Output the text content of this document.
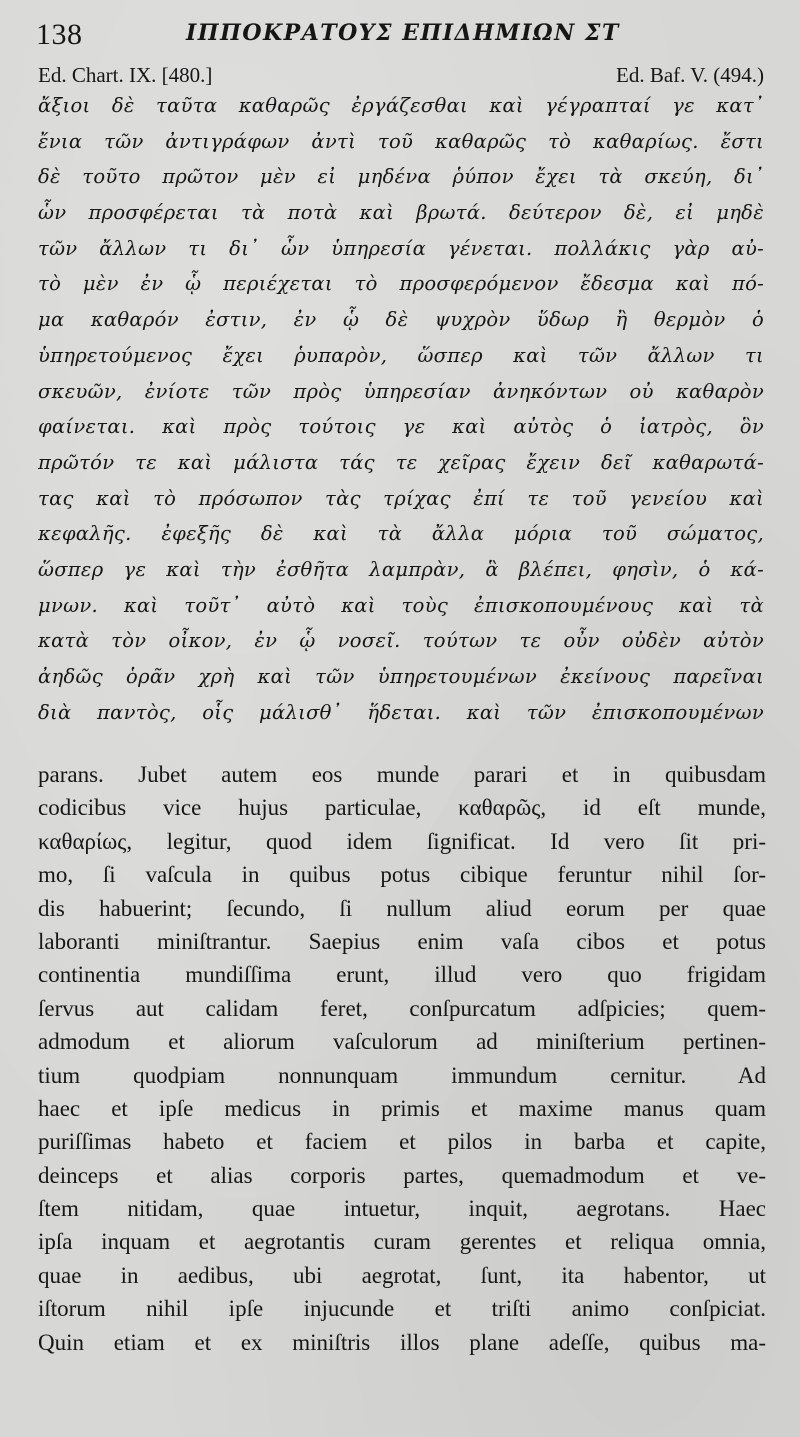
138	ΙΠΠΟΚΡΑΤΟΥΣ ΕΠΙΔΗΜΙΩΝ ΣΤ
Ed. Chart. IX. [480.]	Ed. Baf. V. (494.)
ἄξιοι δὲ ταῦτα καθαρῶς ἐργάζεσθαι καὶ γέγραπταί γε κατ᾽
ἔνια τῶν ἀντιγράφων ἀντὶ τοῦ καθαρῶς τὸ καθαρίως. ἔστι
δὲ τοῦτο πρῶτον μὲν εἰ μηδένα ῥύπον ἔχει τὰ σκεύη, δι᾽
ὧν προσφέρεται τὰ ποτὰ καὶ βρωτά. δεύτερον δὲ, εἰ μηδὲ
τῶν ἄλλων τι δι᾽ ὧν ὑπηρεσία γένεται. πολλάκις γὰρ αὐ-
τὸ μὲν ἐν ᾧ περιέχεται τὸ προσφερόμενον ἔδεσμα καὶ πό-
μα καθαρόν ἐστιν, ἐν ᾧ δὲ ψυχρὸν ὕδωρ ἢ θερμὸν ὁ
ὑπηρετούμενος ἔχει ῥυπαρὸν, ὥσπερ καὶ τῶν ἄλλων τι
σκευῶν, ἐνίοτε τῶν πρὸς ὑπηρεσίαν ἀνηκόντων οὐ καθαρὸν
φαίνεται. καὶ πρὸς τούτοις γε καὶ αὐτὸς ὁ ἰατρὸς, ὃν
πρῶτόν τε καὶ μάλιστα τάς τε χεῖρας ἔχειν δεῖ καθαρωτά-
τας καὶ τὸ πρόσωπον τὰς τρίχας ἐπί τε τοῦ γενείου καὶ
κεφαλῆς. ἐφεξῆς δὲ καὶ τὰ ἄλλα μόρια τοῦ σώματος,
ὥσπερ γε καὶ τὴν ἐσθῆτα λαμπρὰν, ἃ βλέπει, φησὶν, ὁ κά-
μνων. καὶ τοῦτ᾽ αὐτὸ καὶ τοὺς ἐπισκοπουμένους καὶ τὰ
κατὰ τὸν οἶκον, ἐν ᾧ νοσεῖ. τούτων τε οὖν οὐδὲν αὐτὸν
ἀηδῶς ὁρᾶν χρὴ καὶ τῶν ὑπηρετουμένων ἐκείνους παρεῖναι
διὰ παντὸς, οἷς μάλισθ᾽ ἥδεται. καὶ τῶν ἐπισκοπουμένων
parans. Jubet autem eos munde parari et in quibusdam
codicibus vice hujus particulae, καθαρῶς, id eſt munde,
καθαρίως, legitur, quod idem ſignificat. Id vero ſit pri-
mo, ſi vaſcula in quibus potus cibique feruntur nihil ſor-
dis habuerint; ſecundo, ſi nullum aliud eorum per quae
laboranti miniſtrantur. Saepius enim vaſa cibos et potus
continentia mundiſſima erunt, illud vero quo frigidam
ſervus aut calidam feret, conſpurcatum adſpicies; quem-
admodum et aliorum vaſculorum ad miniſterium pertinen-
tium quodpiam nonnunquam immundum cernitur. Ad
haec et ipſe medicus in primis et maxime manus quam
puriſſimas habeto et faciem et pilos in barba et capite,
deinceps et alias corporis partes, quemadmodum et ve-
ſtem nitidam, quae intuetur, inquit, aegrotans. Haec
ipſa inquam et aegrotantis curam gerentes et reliqua omnia,
quae in aedibus, ubi aegrotat, ſunt, ita habentor, ut
iſtorum nihil ipſe injucunde et triſti animo conſpiciat.
Quin etiam et ex miniſtris illos plane adeſſe, quibus ma-
